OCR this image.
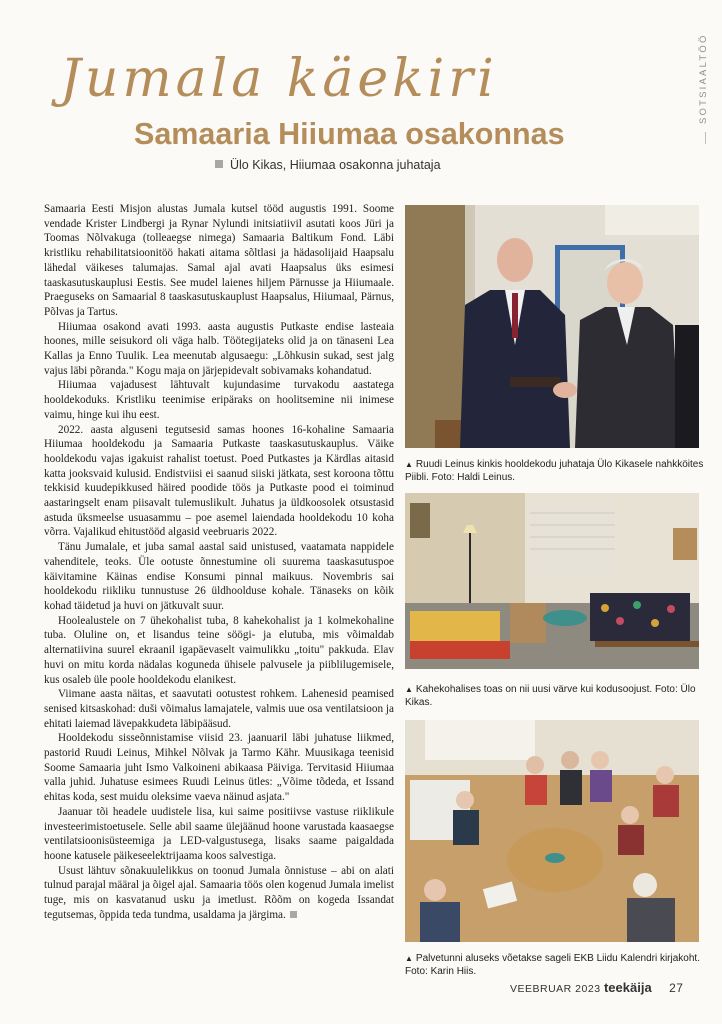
SOTSIAALTÖÖ
Jumala käekiri
Samaaria Hiiumaa osakonnas
Ülo Kikas, Hiiumaa osakonna juhataja

Samaaria Eesti Misjon alustas Jumala kutsel tööd augustis 1991. Soome vendade Krister Lindbergi ja Rynar Nylundi initsiatiivil asutati koos Jüri ja Toomas Nõlvakuga (tolleaegse nimega) Samaaria Baltikum Fond. Läbi kristliku rehabilitatsioonitöö hakati aitama sõltlasi ja hädasolijaid Haapsalu lähedal väikeses talumajas. Samal ajal avati Haapsalus üks esimesi taaskasutuskauplusi Eestis. See mudel laienes hiljem Pärnusse ja Hiiumaale. Praeguseks on Samaarial 8 taaskasutuskauplust Haapsalus, Hiiumaal, Pärnus, Põlvas ja Tartus.

Hiiumaa osakond avati 1993. aasta augustis Putkaste endise lasteaia hoones, mille seisukord oli väga halb. Töötegijateks olid ja on tänaseni Lea Kallas ja Enno Tuulik. Lea meenutab algusaegu: „Lõhkusin sukad, sest jalg vajus läbi põranda." Kogu maja on järjepidevalt sobivamaks kohandatud.

Hiiumaa vajadusest lähtuvalt kujundasime turvakodu aastatega hooldekoduks. Kristliku teenimise eripäraks on hoolitsemine nii inimese vaimu, hinge kui ihu eest.

2022. aasta alguseni tegutsesid samas hoones 16-kohaline Samaaria Hiiumaa hooldekodu ja Samaaria Putkaste taaskasutuskauplus. Väike hooldekodu vajas igakuist rahalist toetust. Poed Putkastes ja Kärdlas aitasid katta jooksvaid kulusid. Endistviisi ei saanud siiski jätkata, sest koroona tõttu tekkisid kuudepikkused häired poodide töös ja Putkaste pood ei toiminud aastaringselt enam piisavalt tulemuslikult. Juhatus ja üldkoosolek otsustasid astuda üksmeelse usuasammu – poe asemel laiendada hooldekodu 10 koha võrra. Vajalikud ehitustööd algasid veebruaris 2022.

Tänu Jumalale, et juba samal aastal said unistused, vaatamata nappidele vahenditele, teoks. Üle ootuste õnnestumine oli suurema taaskasutuspoe käivitamine Käinas endise Konsumi pinnal maikuus. Novembris sai hooldekodu riikliku tunnustuse 26 üldhoolduse kohale. Tänaseks on kõik kohad täidetud ja huvi on jätkuvalt suur.

Hoolealustele on 7 ühekohalist tuba, 8 kahekohalist ja 1 kolmekohaline tuba. Oluline on, et lisandus teine söögi- ja elutuba, mis võimaldab alternatiivina suurel ekraanil igapäevaselt vaimulikku „toitu" pakkuda. Elav huvi on mitu korda nädalas koguneda ühisele palvusele ja piiblilugemisele, kus osaleb üle poole hooldekodu elanikest.

Viimane aasta näitas, et saavutati ootustest rohkem. Lahenesid peamised senised kitsaskohad: duši võimalus lamajatele, valmis uue osa ventilatsioon ja ehitati laiemad lävepakkudeta läbipääsud.

Hooldekodu sisseõnnistamise viisid 23. jaanuaril läbi juhatuse liikmed, pastorid Ruudi Leinus, Mihkel Nõlvak ja Tarmo Kähr. Muusikaga teenisid Soome Samaaria juht Ismo Valkoineni abikaasa Päiviga. Tervitasid Hiiumaa valla juhid. Juhatuse esimees Ruudi Leinus ütles: „Võime tõdeda, et Issand ehitas koda, sest muidu oleksime vaeva näinud asjata."

Jaanuar tõi headele uudistele lisa, kui saime positiivse vastuse riiklikule investeerimistoetusele. Selle abil saame ülejäänud hoone varustada kaasaegse ventilatsioonisüsteemiga ja LED-valgustusega, lisaks saame paigaldada hoone katusele päikeseelektrijaama koos salvestiga.

Usust lähtuv sõnakuulelikkus on toonud Jumala õnnistuse – abi on alati tulnud parajal määral ja õigel ajal. Samaaria töös olen kogenud Jumala imelist tuge, mis on kasvatanud usku ja imetlust. Rõõm on kogeda Issandat tegutsemas, õppida teda tundma, usaldama ja järgima.

▲ Ruudi Leinus kinkis hooldekodu juhataja Ülo Kikasele nahkköites Piibli. Foto: Haldi Leinus.
▲ Kahekohalises toas on nii uusi värve kui kodusoojust. Foto: Ülo Kikas.
▲ Palvetunni aluseks võetakse sageli EKB Liidu Kalendri kirjakoht. Foto: Karin Hiis.
VEEBRUAR 2023 teekäija 27
